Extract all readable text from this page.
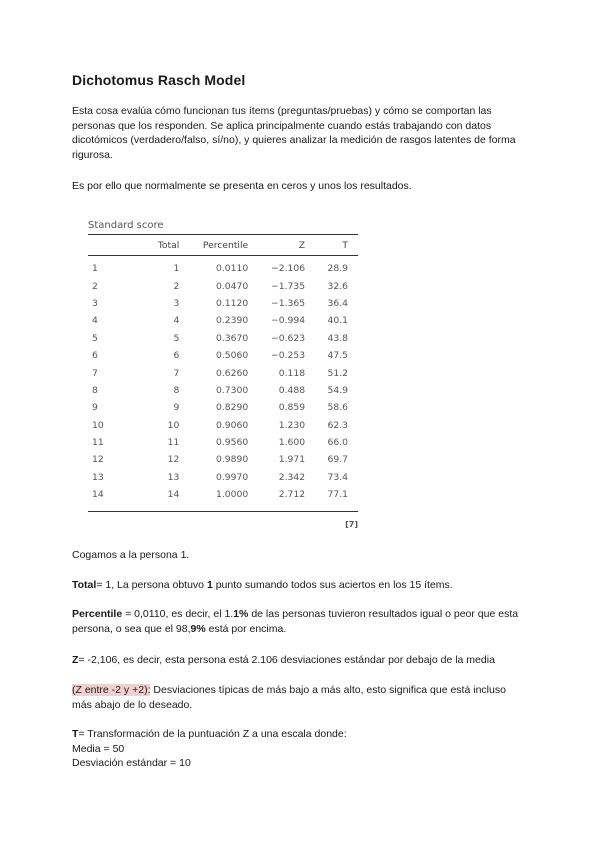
Dichotomus Rasch Model

Esta cosa evalúa cómo funcionan tus ítems (preguntas/pruebas) y cómo se comportan las personas que los responden. Se aplica principalmente cuando estás trabajando con datos dicotómicos (verdadero/falso, sí/no), y quieres analizar la medición de rasgos latentes de forma rigurosa.

Es por ello que normalmente se presenta en ceros y unos los resultados.

Standard score
	Total	Percentile	Z	T
1	1	0.0110	−2.106	28.9
2	2	0.0470	−1.735	32.6
3	3	0.1120	−1.365	36.4
4	4	0.2390	−0.994	40.1
5	5	0.3670	−0.623	43.8
6	6	0.5060	−0.253	47.5
7	7	0.6260	0.118	51.2
8	8	0.7300	0.488	54.9
9	9	0.8290	0.859	58.6
10	10	0.9060	1.230	62.3
11	11	0.9560	1.600	66.0
12	12	0.9890	1.971	69.7
13	13	0.9970	2.342	73.4
14	14	1.0000	2.712	77.1
[7]

Cogamos a la persona 1.

Total= 1, La persona obtuvo 1 punto sumando todos sus aciertos en los 15 ítems.

Percentile = 0,0110, es decir, el 1.1% de las personas tuvieron resultados igual o peor que esta persona, o sea que el 98,9% está por encima.

Z= -2,106, es decir, esta persona está 2.106 desviaciones estándar por debajo de la media

(Z entre -2 y +2): Desviaciones típicas de más bajo a más alto, esto significa que está incluso más abajo de lo deseado.

T= Transformación de la puntuación Z a una escala donde:
Media = 50
Desviación estándar = 10
